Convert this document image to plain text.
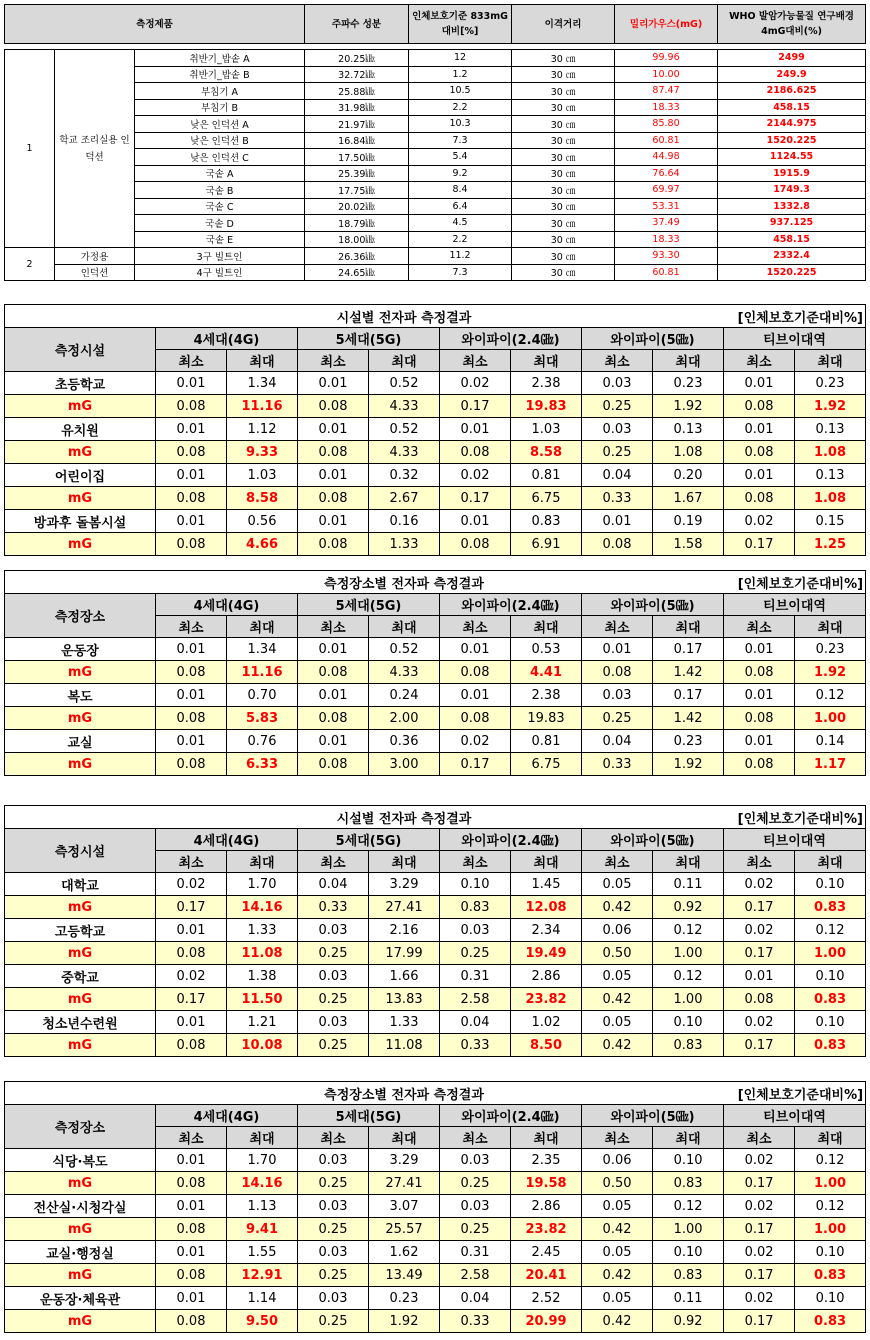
측정제품			주파수 성분	인체보호기준 833mG대비[%]	이격거리	밀리가우스(mG)	WHO 발암가능물질 연구배경 4mG대비(%)

1	학교 조리실용 인덕션	취반기_밥솥 A	20.25㎑	12	30 ㎝	99.96	2499
		취반기_밥솥 B	32.72㎑	1.2	30 ㎝	10.00	249.9
		부침기 A	25.88㎑	10.5	30 ㎝	87.47	2186.625
		부침기 B	31.98㎑	2.2	30 ㎝	18.33	458.15
		낮은 인덕션 A	21.97㎑	10.3	30 ㎝	85.80	2144.975
		낮은 인덕션 B	16.84㎑	7.3	30 ㎝	60.81	1520.225
		낮은 인덕션 C	17.50㎑	5.4	30 ㎝	44.98	1124.55
		국솥 A	25.39㎑	9.2	30 ㎝	76.64	1915.9
		국솥 B	17.75㎑	8.4	30 ㎝	69.97	1749.3
		국솥 C	20.02㎑	6.4	30 ㎝	53.31	1332.8
		국솥 D	18.79㎑	4.5	30 ㎝	37.49	937.125
		국솥 E	18.00㎑	2.2	30 ㎝	18.33	458.15
2	가정용	3구 빌트인	26.36㎑	11.2	30 ㎝	93.30	2332.4
	인덕션	4구 빌트인	24.65㎑	7.3	30 ㎝	60.81	1520.225
	시설별 전자파 측정결과							[인체보호기준대비%]		
측정시설	4세대(4G)		5세대(5G)		와이파이(2.4㎓)		와이파이(5㎓)		티브이대역	
	최소	최대	최소	최대	최소	최대	최소	최대	최소	최대
초등학교	0.01	1.34	0.01	0.52	0.02	2.38	0.03	0.23	0.01	0.23
mG	0.08	11.16	0.08	4.33	0.17	19.83	0.25	1.92	0.08	1.92
유치원	0.01	1.12	0.01	0.52	0.01	1.03	0.03	0.13	0.01	0.13
mG	0.08	9.33	0.08	4.33	0.08	8.58	0.25	1.08	0.08	1.08
어린이집	0.01	1.03	0.01	0.32	0.02	0.81	0.04	0.20	0.01	0.13
mG	0.08	8.58	0.08	2.67	0.17	6.75	0.33	1.67	0.08	1.08
방과후 돌봄시설	0.01	0.56	0.01	0.16	0.01	0.83	0.01	0.19	0.02	0.15
mG	0.08	4.66	0.08	1.33	0.08	6.91	0.08	1.58	0.17	1.25
	측정장소별 전자파 측정결과							[인체보호기준대비%]		
측정장소	4세대(4G)		5세대(5G)		와이파이(2.4㎓)		와이파이(5㎓)		티브이대역	
	최소	최대	최소	최대	최소	최대	최소	최대	최소	최대
운동장	0.01	1.34	0.01	0.52	0.01	0.53	0.01	0.17	0.01	0.23
mG	0.08	11.16	0.08	4.33	0.08	4.41	0.08	1.42	0.08	1.92
복도	0.01	0.70	0.01	0.24	0.01	2.38	0.03	0.17	0.01	0.12
mG	0.08	5.83	0.08	2.00	0.08	19.83	0.25	1.42	0.08	1.00
교실	0.01	0.76	0.01	0.36	0.02	0.81	0.04	0.23	0.01	0.14
mG	0.08	6.33	0.08	3.00	0.17	6.75	0.33	1.92	0.08	1.17
	시설별 전자파 측정결과							[인체보호기준대비%]		
측정시설	4세대(4G)		5세대(5G)		와이파이(2.4㎓)		와이파이(5㎓)		티브이대역	
	최소	최대	최소	최대	최소	최대	최소	최대	최소	최대
대학교	0.02	1.70	0.04	3.29	0.10	1.45	0.05	0.11	0.02	0.10
mG	0.17	14.16	0.33	27.41	0.83	12.08	0.42	0.92	0.17	0.83
고등학교	0.01	1.33	0.03	2.16	0.03	2.34	0.06	0.12	0.02	0.12
mG	0.08	11.08	0.25	17.99	0.25	19.49	0.50	1.00	0.17	1.00
중학교	0.02	1.38	0.03	1.66	0.31	2.86	0.05	0.12	0.01	0.10
mG	0.17	11.50	0.25	13.83	2.58	23.82	0.42	1.00	0.08	0.83
청소년수련원	0.01	1.21	0.03	1.33	0.04	1.02	0.05	0.10	0.02	0.10
mG	0.08	10.08	0.25	11.08	0.33	8.50	0.42	0.83	0.17	0.83
	측정장소별 전자파 측정결과							[인체보호기준대비%]		
측정장소	4세대(4G)		5세대(5G)		와이파이(2.4㎓)		와이파이(5㎓)		티브이대역	
	최소	최대	최소	최대	최소	최대	최소	최대	최소	최대
식당·복도	0.01	1.70	0.03	3.29	0.03	2.35	0.06	0.10	0.02	0.12
mG	0.08	14.16	0.25	27.41	0.25	19.58	0.50	0.83	0.17	1.00
전산실·시청각실	0.01	1.13	0.03	3.07	0.03	2.86	0.05	0.12	0.02	0.12
mG	0.08	9.41	0.25	25.57	0.25	23.82	0.42	1.00	0.17	1.00
교실·행정실	0.01	1.55	0.03	1.62	0.31	2.45	0.05	0.10	0.02	0.10
mG	0.08	12.91	0.25	13.49	2.58	20.41	0.42	0.83	0.17	0.83
운동장·체육관	0.01	1.14	0.03	0.23	0.04	2.52	0.05	0.11	0.02	0.10
mG	0.08	9.50	0.25	1.92	0.33	20.99	0.42	0.92	0.17	0.83
